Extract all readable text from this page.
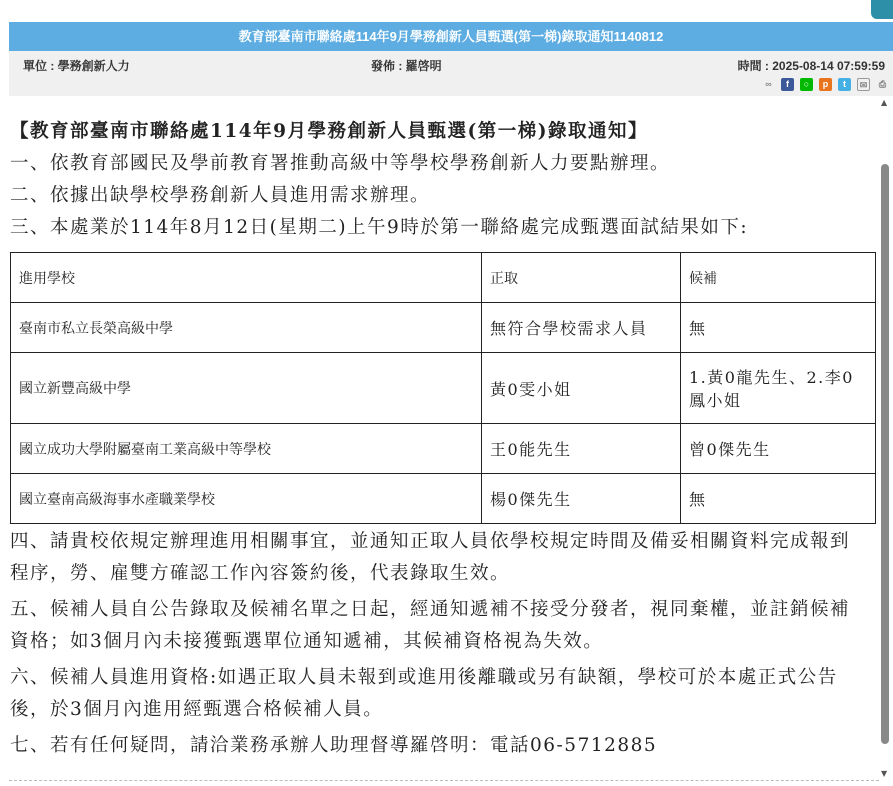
教育部臺南市聯絡處114年9月學務創新人員甄選(第一梯)錄取通知1140812
單位 : 學務創新人力	發佈 : 羅啓明	時間 : 2025-08-14 07:59:59
∞	f	○	p	t	✉	⎙

【教育部臺南市聯絡處114年9月學務創新人員甄選(第一梯)錄取通知】

一、依教育部國民及學前教育署推動高級中等學校學務創新人力要點辦理。

二、依據出缺學校學務創新人員進用需求辦理。

三、本處業於114年8月12日(星期二)上午9時於第一聯絡處完成甄選面試結果如下:

進用學校	正取	候補
臺南市私立長榮高級中學	無符合學校需求人員	無
國立新豐高級中學	黃0雯小姐	1.黃0龍先生、2.李0鳳小姐
國立成功大學附屬臺南工業高級中等學校	王0能先生	曾0傑先生
國立臺南高級海事水產職業學校	楊0傑先生	無

四、請貴校依規定辦理進用相關事宜，並通知正取人員依學校規定時間及備妥相關資料完成報到程序，勞、雇雙方確認工作內容簽約後，代表錄取生效。

五、候補人員自公告錄取及候補名單之日起，經通知遞補不接受分發者，視同棄權，並註銷候補資格；如3個月內未接獲甄選單位通知遞補，其候補資格視為失效。

六、候補人員進用資格:如遇正取人員未報到或進用後離職或另有缺額，學校可於本處正式公告後，於3個月內進用經甄選合格候補人員。

七、若有任何疑問，請洽業務承辦人助理督導羅啓明：電話06-5712885

▲
▼
